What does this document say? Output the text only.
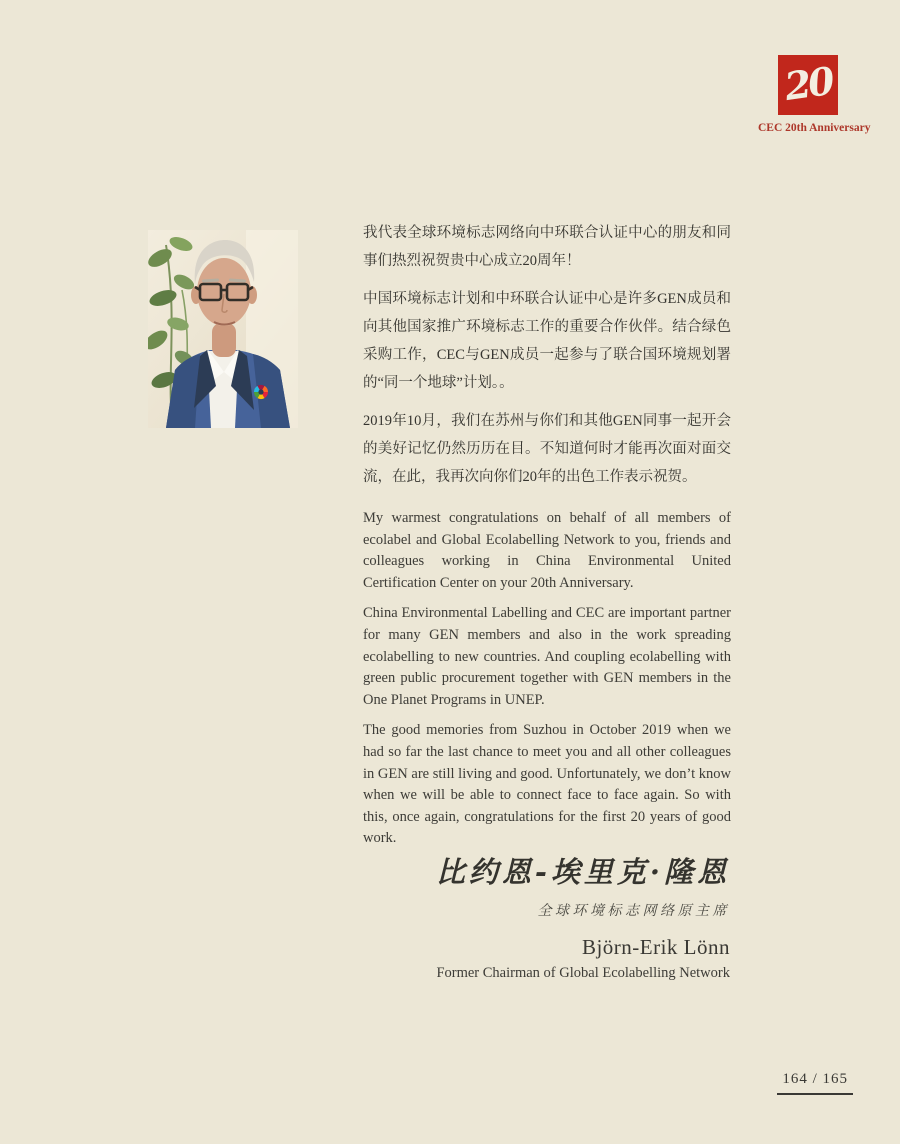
20
CEC 20th Anniversary

我代表全球环境标志网络向中环联合认证中心的朋友和同事们热烈祝贺贵中心成立20周年！

中国环境标志计划和中环联合认证中心是许多GEN成员和向其他国家推广环境标志工作的重要合作伙伴。结合绿色采购工作，CEC与GEN成员一起参与了联合国环境规划署的“同一个地球”计划。。

2019年10月，我们在苏州与你们和其他GEN同事一起开会的美好记忆仍然历历在目。不知道何时才能再次面对面交流，在此，我再次向你们20年的出色工作表示祝贺。

My warmest congratulations on behalf of all members of ecolabel and Global Ecolabelling Network to you, friends and colleagues working in China Environmental United Certification Center on your 20th Anniversary.

China Environmental Labelling and CEC are important partner for many GEN members and also in the work spreading ecolabelling to new countries. And coupling ecolabelling with green public procurement together with GEN members in the One Planet Programs in UNEP.

The good memories from Suzhou in October 2019 when we had so far the last chance to meet you and all other colleagues in GEN are still living and good. Unfortunately, we don’t know when we will be able to connect face to face again. So with this, once again, congratulations for the first 20 years of good work.

比约恩-埃里克·隆恩
全球环境标志网络原主席
Björn-Erik Lönn
Former Chairman of Global Ecolabelling Network
164 / 165
